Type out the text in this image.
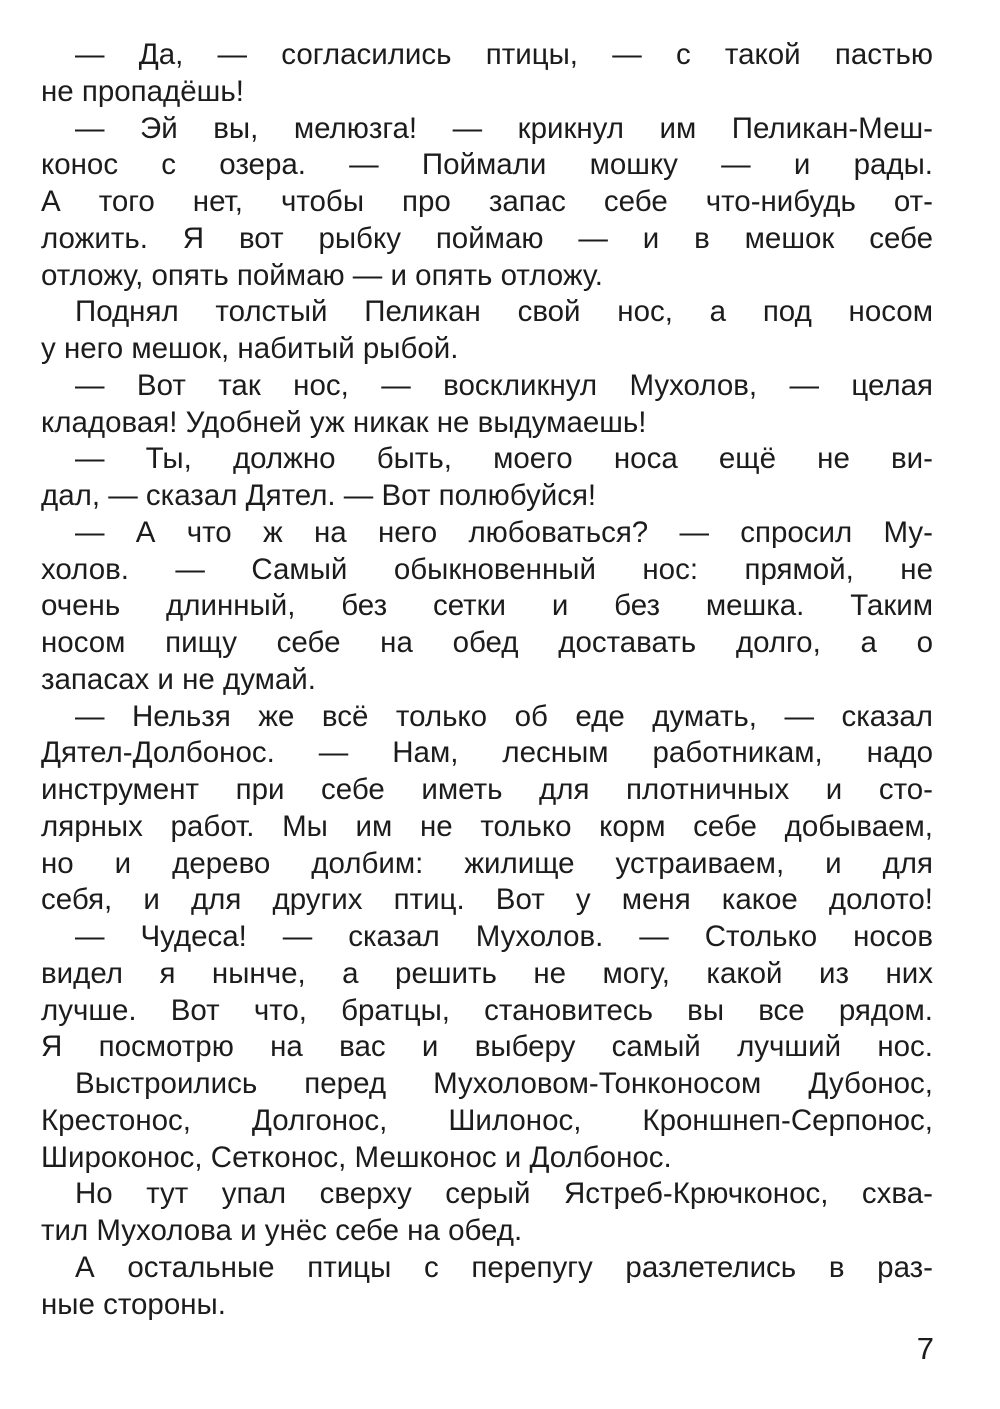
— Да, — согласились птицы, — с такой пастью
не пропадёшь!
— Эй вы, мелюзга! — крикнул им Пеликан-Меш-
конос с озера. — Поймали мошку — и рады.
А того нет, чтобы про запас себе что-нибудь от-
ложить. Я вот рыбку поймаю — и в мешок себе
отложу, опять поймаю — и опять отложу.
Поднял толстый Пеликан свой нос, а под носом
у него мешок, набитый рыбой.
— Вот так нос, — воскликнул Мухолов, — целая
кладовая! Удобней уж никак не выдумаешь!
— Ты, должно быть, моего носа ещё не ви-
дал, — сказал Дятел. — Вот полюбуйся!
— А что ж на него любоваться? — спросил Му-
холов. — Самый обыкновенный нос: прямой, не
очень длинный, без сетки и без мешка. Таким
носом пищу себе на обед доставать долго, а о
запасах и не думай.
— Нельзя же всё только об еде думать, — сказал
Дятел-Долбонос. — Нам, лесным работникам, надо
инструмент при себе иметь для плотничных и сто-
лярных работ. Мы им не только корм себе добываем,
но и дерево долбим: жилище устраиваем, и для
себя, и для других птиц. Вот у меня какое долото!
— Чудеса! — сказал Мухолов. — Столько носов
видел я нынче, а решить не могу, какой из них
лучше. Вот что, братцы, становитесь вы все рядом.
Я посмотрю на вас и выберу самый лучший нос.
Выстроились перед Мухоловом-Тонконосом Дубонос,
Крестонос, Долгонос, Шилонос, Кроншнеп-Серпонос,
Широконос, Сетконос, Мешконос и Долбонос.
Но тут упал сверху серый Ястреб-Крючконос, схва-
тил Мухолова и унёс себе на обед.
А остальные птицы с перепугу разлетелись в раз-
ные стороны.
7
